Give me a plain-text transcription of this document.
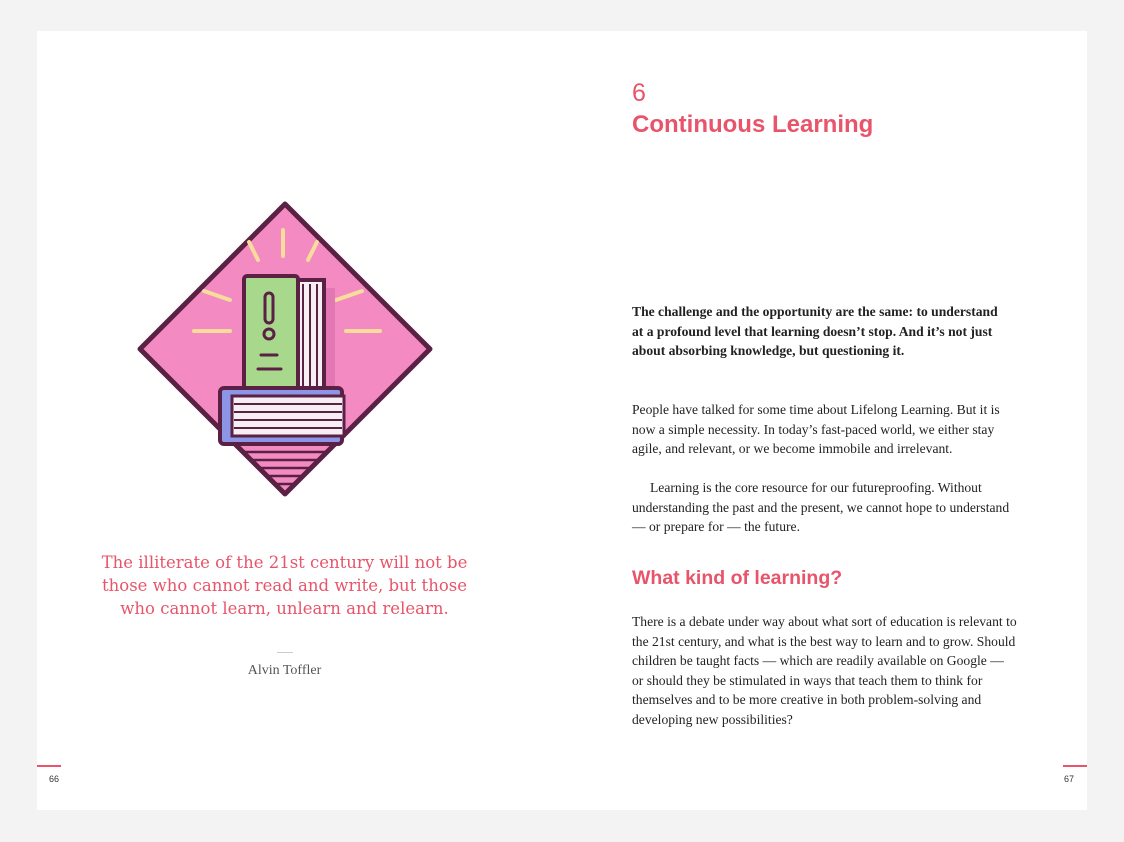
The illiterate of the 21st century will not be those who cannot read and write, but those who cannot learn, unlearn and relearn.
Alvin Toffler
66
6
Continuous Learning

The challenge and the opportunity are the same: to understand at a profound level that learning doesn’t stop. And it’s not just about absorbing knowledge, but questioning it.

People have talked for some time about Lifelong Learning. But it is now a simple necessity. In today’s fast-paced world, we either stay agile, and relevant, or we become immobile and irrelevant.

Learning is the core resource for our futureproofing. Without understanding the past and the present, we cannot hope to understand — or prepare for — the future.

What kind of learning?

There is a debate under way about what sort of education is relevant to the 21st century, and what is the best way to learn and to grow. Should children be taught facts — which are readily available on Google — or should they be stimulated in ways that teach them to think for themselves and to be more creative in both problem-solving and developing new possibilities?

67
